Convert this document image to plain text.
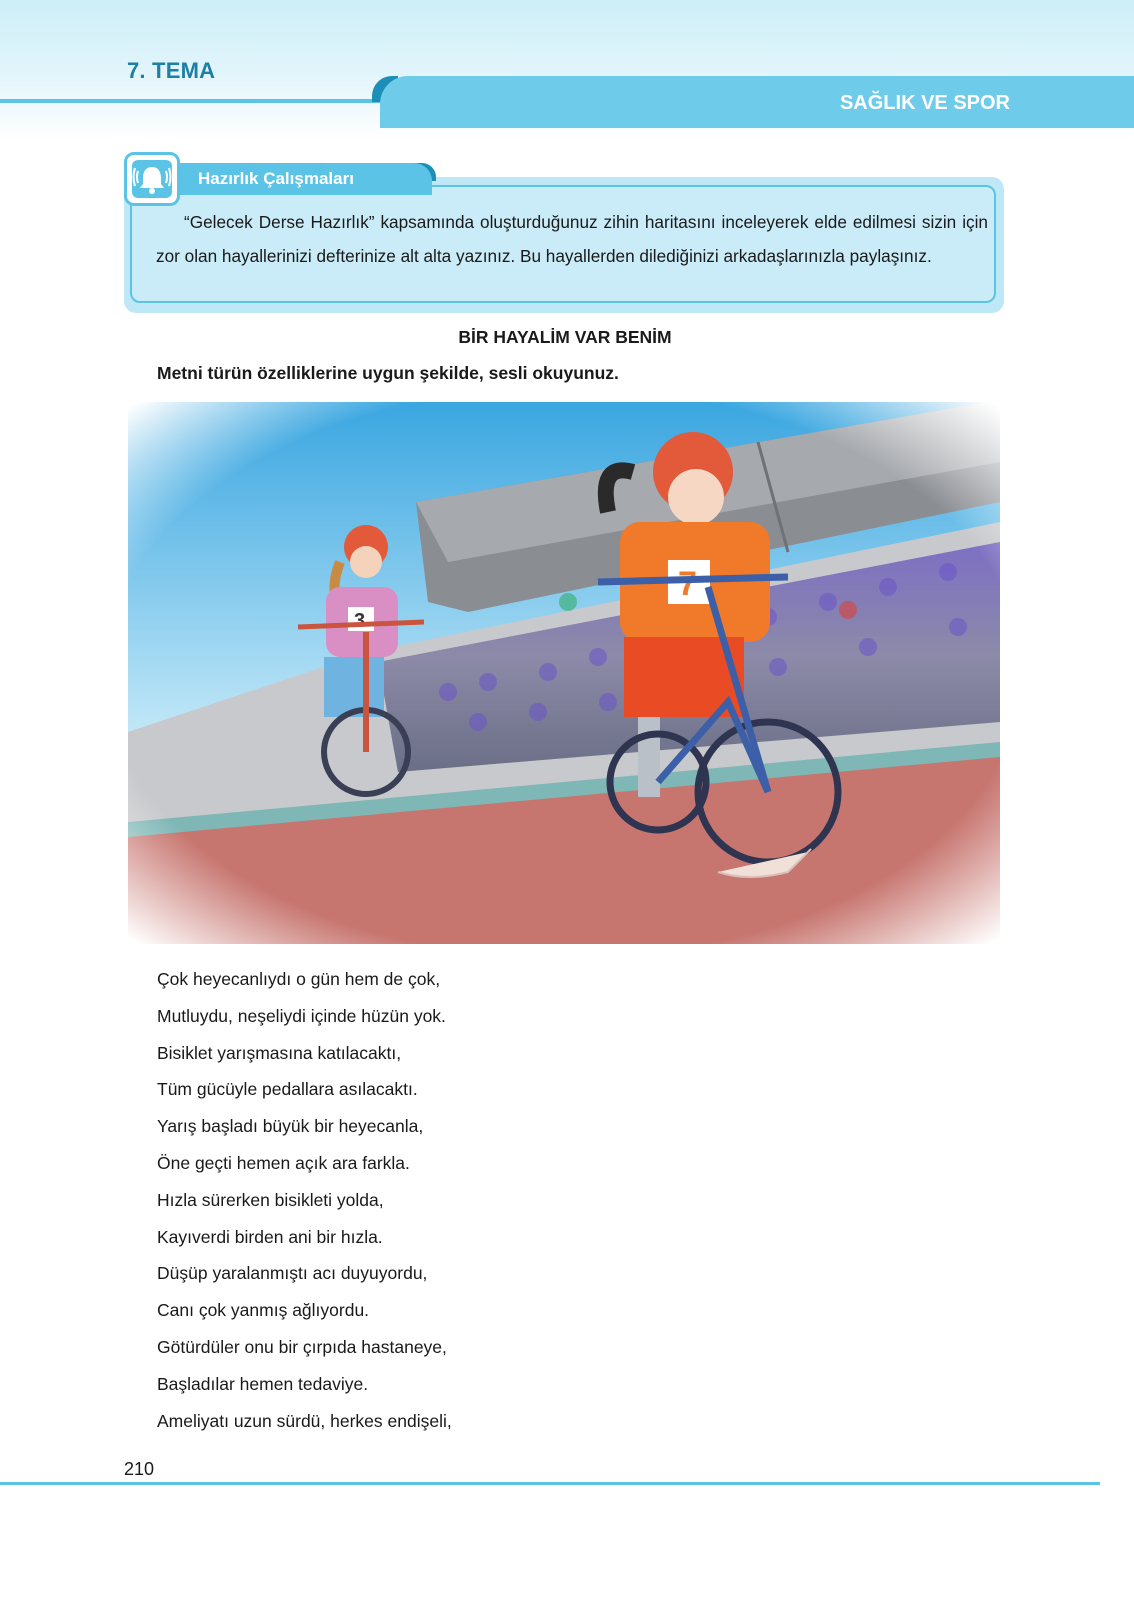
7. TEMA
SAĞLIK VE SPOR
Hazırlık Çalışmaları
“Gelecek Derse Hazırlık” kapsamında oluşturduğunuz zihin haritasını inceleyerek elde edilmesi sizin için zor olan hayallerinizi defterinize alt alta yazınız. Bu hayallerden dilediğinizi arkadaşlarınızla paylaşınız.
BİR HAYALİM VAR BENİM
Metni türün özelliklerine uygun şekilde, sesli okuyunuz.
Çok heyecanlıydı o gün hem de çok,
Mutluydu, neşeliydi içinde hüzün yok.
Bisiklet yarışmasına katılacaktı,
Tüm gücüyle pedallara asılacaktı.
Yarış başladı büyük bir heyecanla,
Öne geçti hemen açık ara farkla.
Hızla sürerken bisikleti yolda,
Kayıverdi birden ani bir hızla.
Düşüp yaralanmıştı acı duyuyordu,
Canı çok yanmış ağlıyordu.
Götürdüler onu bir çırpıda hastaneye,
Başladılar hemen tedaviye.
Ameliyatı uzun sürdü, herkes endişeli,
210
